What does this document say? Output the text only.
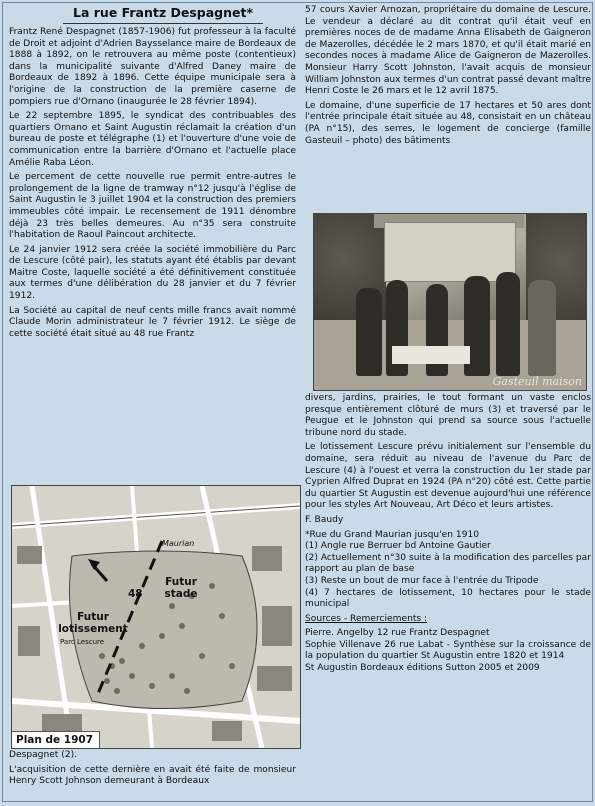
La rue Frantz Despagnet*

Frantz René Despagnet (1857-1906) fut professeur à la faculté de Droit et adjoint d'Adrien Baysselance maire de Bordeaux de 1888 à 1892, on le retrouvera au même poste (contentieux) dans la municipalité suivante d'Alfred Daney maire de Bordeaux de 1892 à 1896. Cette équipe municipale sera à l'origine de la construction de la première caserne de pompiers rue d'Ornano (inaugurée le 28 février 1894).

Le 22 septembre 1895, le syndicat des contribuables des quartiers Ornano et Saint Augustin réclamait la création d'un bureau de poste et télégraphe (1) et l'ouverture d'une voie de communication entre la barrière d'Ornano et l'actuelle place Amélie Raba Léon.

Le percement de cette nouvelle rue permit entre-autres le prolongement de la ligne de tramway n°12 jusqu'à l'église de Saint Augustin le 3 juillet 1904 et la construction des premiers immeubles côté impair. Le recensement de 1911 dénombre déjà 23 très belles demeures. Au n°35 sera construite l'habitation de Raoul Paincout architecte.

Le 24 janvier 1912 sera créée la société immobilière du Parc de Lescure (côté pair), les statuts ayant été établis par devant Maitre Coste, laquelle société a été définitivement constituée aux termes d'une délibération du 28 janvier et du 7 février 1912.

La Société au capital de neuf cents mille francs avait nommé Claude Morin administrateur le 7 février 1912. Le siège de cette société était situé au 48 rue Frantz

48
Futur stade
Futur lotissement
Maurian
Parc Lescure
Plan de 1907

Despagnet (2).

L'acquisition de cette dernière en avait été faite de monsieur Henry Scott Johnson demeurant à Bordeaux

57 cours Xavier Arnozan, propriétaire du domaine de Lescure. Le vendeur a déclaré au dit contrat qu'il était veuf en premières noces de de madame Anna Elisabeth de Gaigneron de Mazerolles, décédée le 2 mars 1870, et qu'il était marié en secondes noces à madame Alice de Gaigneron de Mazerolles. Monsieur Harry Scott Johnston, l'avait acquis de monsieur William Johnston aux termes d'un contrat passé devant maître Henri Coste le 26 mars et le 12 avril 1875.

Le domaine, d'une superficie de 17 hectares et 50 ares dont l'entrée principale était située au 48, consistait en un château (PA n°15), des serres, le logement de concierge (famille Gasteuil – photo) des bâtiments

Gasteuil maison

divers, jardins, prairies, le tout formant un vaste enclos presque entièrement clôturé de murs (3) et traversé par le Peugue et le Johnston qui prend sa source sous l'actuelle tribune nord du stade.

Le lotissement Lescure prévu initialement sur l'ensemble du domaine, sera réduit au niveau de l'avenue du Parc de Lescure (4) à l'ouest et verra la construction du 1er stade par Cyprien Alfred Duprat en 1924 (PA n°20) côté est. Cette partie du quartier St Augustin est devenue aujourd'hui une référence pour les styles Art Nouveau, Art Déco et leurs artistes.

F. Baudy

*Rue du Grand Maurian jusqu'en 1910

(1) Angle rue Berruer bd Antoine Gautier

(2) Actuellement n°30 suite à la modification des parcelles par rapport au plan de base

(3) Reste un bout de mur face à l'entrée du Tripode

(4) 7 hectares de lotissement, 10 hectares pour le stade municipal

Sources - Remerciements :

Pierre. Angelby 12 rue Frantz Despagnet

Sophie Villenave 26 rue Labat - Synthèse sur la croissance de la population du quartier St Augustin entre 1820 et 1914

St Augustin Bordeaux éditions Sutton 2005 et 2009
